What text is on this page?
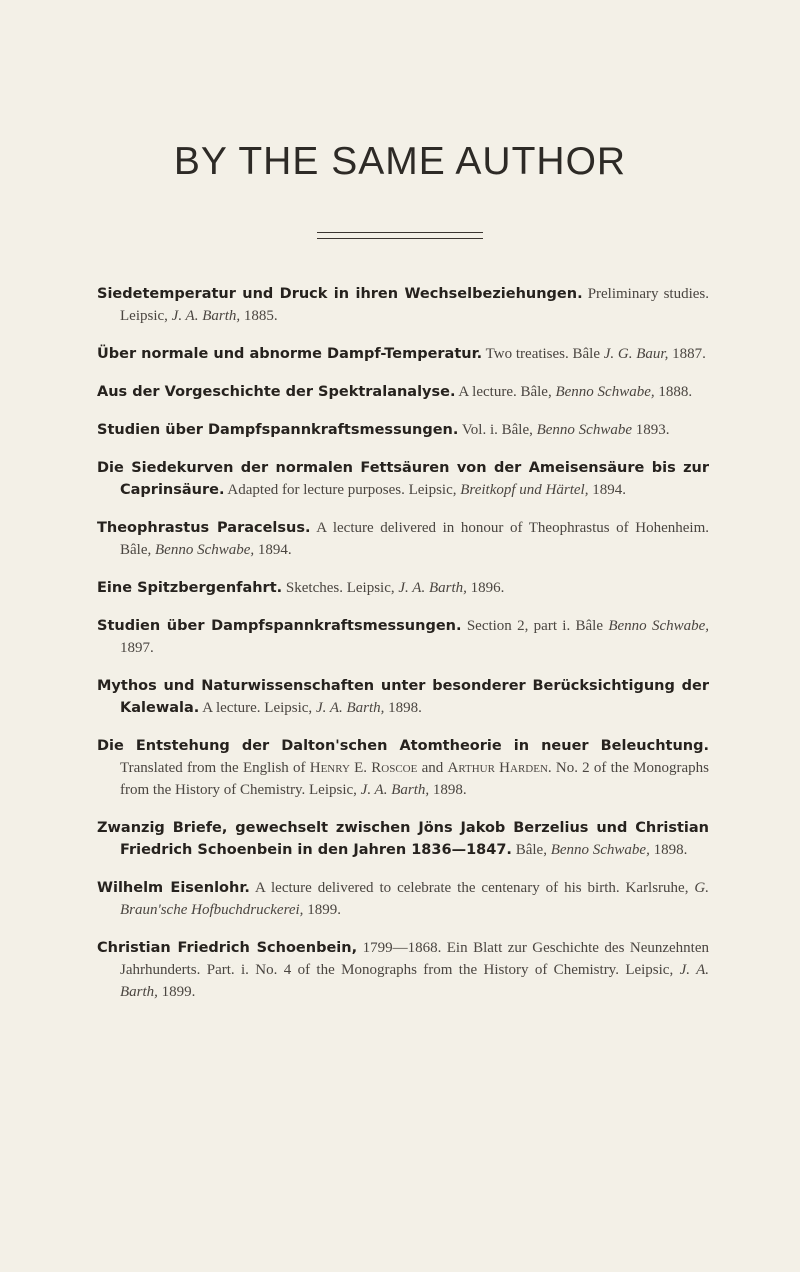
BY THE SAME AUTHOR

Siedetemperatur und Druck in ihren Wechselbeziehungen. Preliminary studies. Leipsic, J. A. Barth, 1885.

Über normale und abnorme Dampf-Temperatur. Two treatises. Bâle J. G. Baur, 1887.

Aus der Vorgeschichte der Spektralanalyse. A lecture. Bâle, Benno Schwabe, 1888.

Studien über Dampfspannkraftsmessungen. Vol. i. Bâle, Benno Schwabe 1893.

Die Siedekurven der normalen Fettsäuren von der Ameisensäure bis zur Caprinsäure. Adapted for lecture purposes. Leipsic, Breitkopf und Härtel, 1894.

Theophrastus Paracelsus. A lecture delivered in honour of Theophrastus of Hohenheim. Bâle, Benno Schwabe, 1894.

Eine Spitzbergenfahrt. Sketches. Leipsic, J. A. Barth, 1896.

Studien über Dampfspannkraftsmessungen. Section 2, part i. Bâle Benno Schwabe, 1897.

Mythos und Naturwissenschaften unter besonderer Berücksichtigung der Kalewala. A lecture. Leipsic, J. A. Barth, 1898.

Die Entstehung der Dalton'schen Atomtheorie in neuer Beleuchtung. Translated from the English of Henry E. Roscoe and Arthur Harden. No. 2 of the Monographs from the History of Chemistry. Leipsic, J. A. Barth, 1898.

Zwanzig Briefe, gewechselt zwischen Jöns Jakob Berzelius und Christian Friedrich Schoenbein in den Jahren 1836—1847. Bâle, Benno Schwabe, 1898.

Wilhelm Eisenlohr. A lecture delivered to celebrate the centenary of his birth. Karlsruhe, G. Braun'sche Hofbuchdruckerei, 1899.

Christian Friedrich Schoenbein, 1799—1868. Ein Blatt zur Geschichte des Neunzehnten Jahrhunderts. Part. i. No. 4 of the Monographs from the History of Chemistry. Leipsic, J. A. Barth, 1899.
